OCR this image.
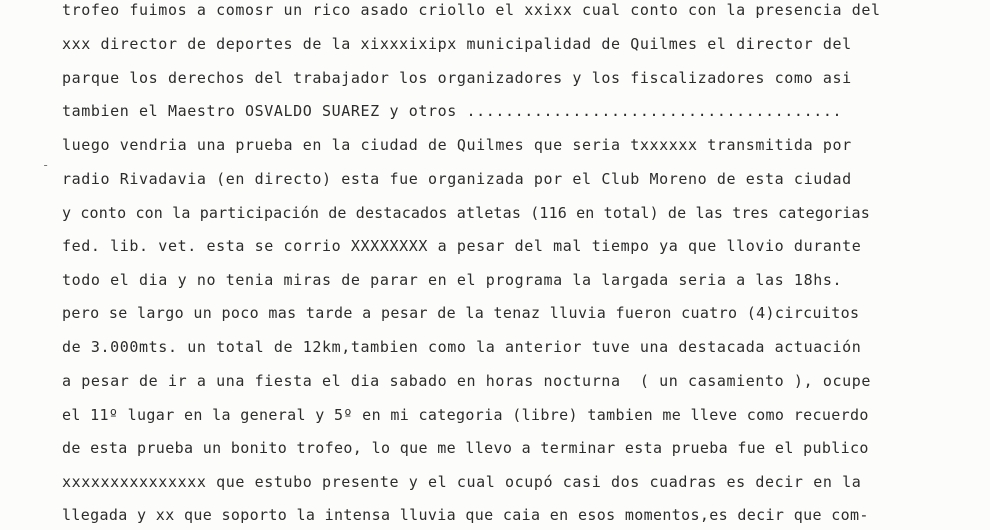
trofeo fuimos a comosr un rico asado criollo el xxixx cual conto con la presencia del
xxx director de deportes de la xixxxixipx municipalidad de Quilmes el director del
parque los derechos del trabajador los organizadores y los fiscalizadores como asi
tambien el Maestro OSVALDO SUAREZ y otros .......................................
luego vendria una prueba en la ciudad de Quilmes que seria txxxxxx transmitida por
radio Rivadavia (en directo) esta fue organizada por el Club Moreno de esta ciudad
y conto con la participación de destacados atletas (116 en total) de las tres categorias
fed. lib. vet. esta se corrio XXXXXXXX a pesar del mal tiempo ya que llovio durante
todo el dia y no tenia miras de parar en el programa la largada seria a las 18hs.
pero se largo un poco mas tarde a pesar de la tenaz lluvia fueron cuatro (4)circuitos
de 3.000mts. un total de 12km,tambien como la anterior tuve una destacada actuación
a pesar de ir a una fiesta el dia sabado en horas nocturna  ( un casamiento ), ocupe
el 11º lugar en la general y 5º en mi categoria (libre) tambien me lleve como recuerdo
de esta prueba un bonito trofeo, lo que me llevo a terminar esta prueba fue el publico
xxxxxxxxxxxxxxx que estubo presente y el cual ocupó casi dos cuadras es decir en la
llegada y xx que soporto la intensa lluvia que caia en esos momentos,es decir que com-
-
